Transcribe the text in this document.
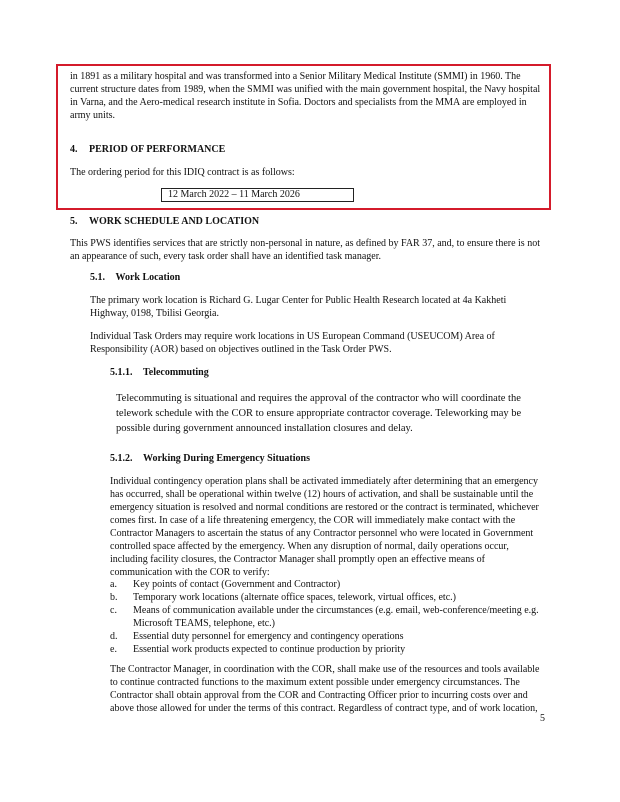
in 1891 as a military hospital and was transformed into a Senior Military Medical Institute (SMMI) in 1960. The current structure dates from 1989, when the SMMI was unified with the main government hospital, the Navy hospital in Varna, and the Aero-medical research institute in Sofia. Doctors and specialists from the MMA are employed in army units.

4. PERIOD OF PERFORMANCE

The ordering period for this IDIQ contract is as follows:

12 March 2022 – 11 March 2026
5. WORK SCHEDULE AND LOCATION

This PWS identifies services that are strictly non-personal in nature, as defined by FAR 37, and, to ensure there is not an appearance of such, every task order shall have an identified task manager.

5.1. Work Location

The primary work location is Richard G. Lugar Center for Public Health Research located at 4a Kakheti Highway, 0198, Tbilisi Georgia.

Individual Task Orders may require work locations in US European Command (USEUCOM) Area of Responsibility (AOR) based on objectives outlined in the Task Order PWS.

5.1.1. Telecommuting

Telecommuting is situational and requires the approval of the contractor who will coordinate the telework schedule with the COR to ensure appropriate contractor coverage. Teleworking may be possible during government announced installation closures and delay.

5.1.2. Working During Emergency Situations

Individual contingency operation plans shall be activated immediately after determining that an emergency has occurred, shall be operational within twelve (12) hours of activation, and shall be sustainable until the emergency situation is resolved and normal conditions are restored or the contract is terminated, whichever comes first. In case of a life threatening emergency, the COR will immediately make contact with the Contractor Managers to ascertain the status of any Contractor personnel who were located in Government controlled space affected by the emergency. When any disruption of normal, daily operations occur, including facility closures, the Contractor Manager shall promptly open an effective means of communication with the COR to verify:

a. Key points of contact (Government and Contractor)
b. Temporary work locations (alternate office spaces, telework, virtual offices, etc.)
c. Means of communication available under the circumstances (e.g. email, web-conference/meeting e.g. Microsoft TEAMS, telephone, etc.)
d. Essential duty personnel for emergency and contingency operations
e. Essential work products expected to continue production by priority

The Contractor Manager, in coordination with the COR, shall make use of the resources and tools available to continue contracted functions to the maximum extent possible under emergency circumstances. The Contractor shall obtain approval from the COR and Contracting Officer prior to incurring costs over and above those allowed for under the terms of this contract. Regardless of contract type, and of work location,

5
